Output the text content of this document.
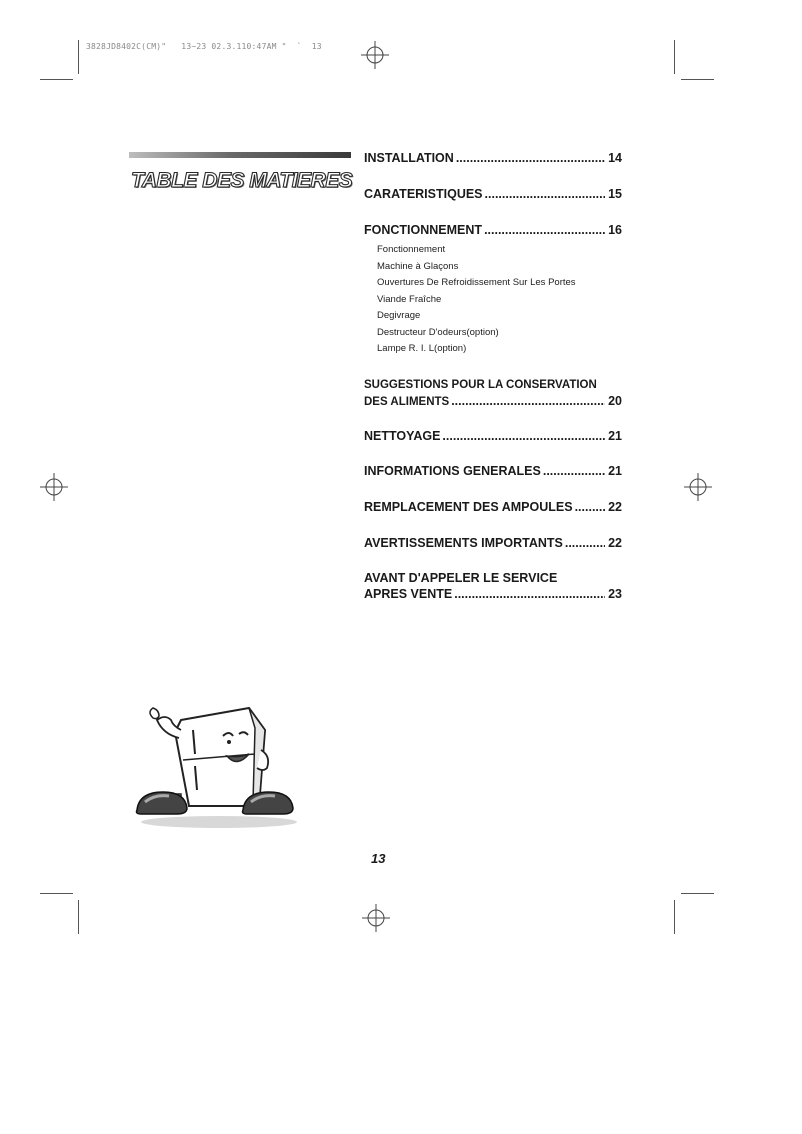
3828JD8402C(CM)"   13~23 02.3.110:47AM "  `  13
TABLE DES MATIERES
INSTALLATION .....	14
CARATERISTIQUES .....	15
FONCTIONNEMENT .....	16
Fonctionnement
Machine à Glaçons
Ouvertures De Refroidissement Sur Les Portes
Viande Fraîche
Degivrage
Destructeur D'odeurs(option)
Lampe R. I. L(option)
SUGGESTIONS POUR LA CONSERVATION
DES ALIMENTS .....	20
NETTOYAGE .....	21
INFORMATIONS GENERALES .....	21
REMPLACEMENT DES AMPOULES .....	22
AVERTISSEMENTS IMPORTANTS .....	22
AVANT D'APPELER LE SERVICE
APRES VENTE .....	23
13
